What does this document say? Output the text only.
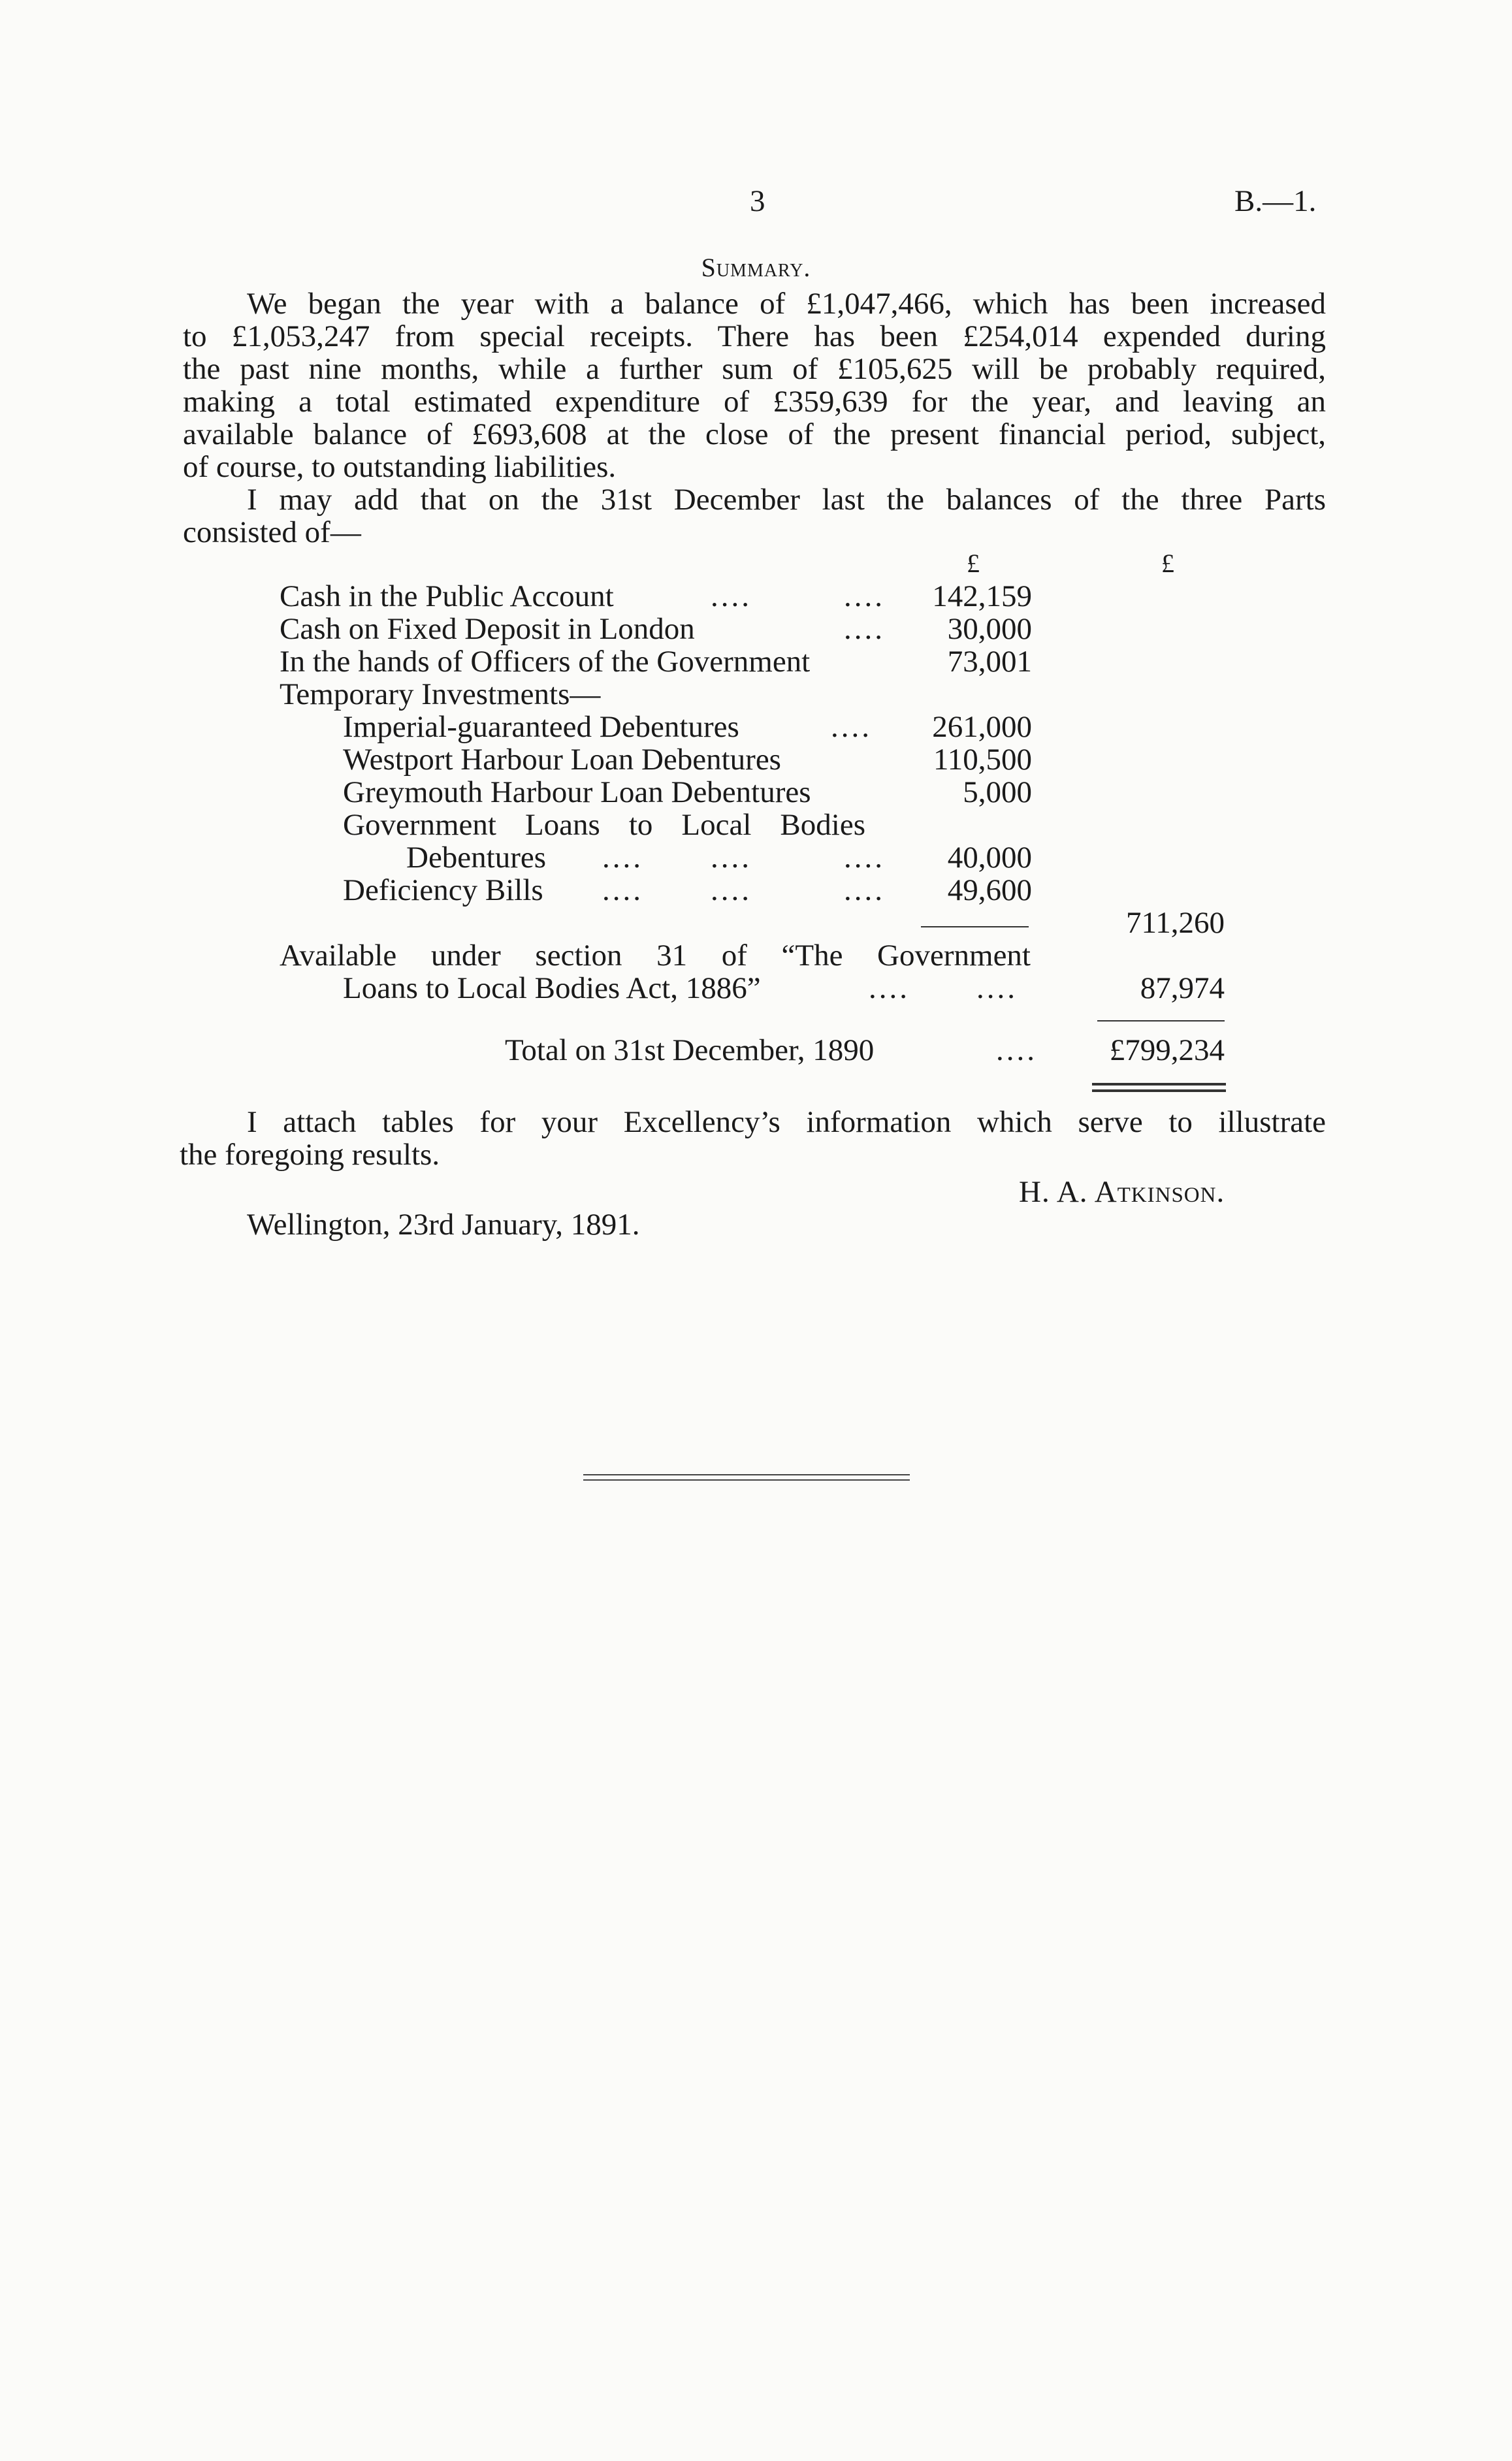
3	B.—1.
Summary.
We began the year with a balance of £1,047,466, which has been increased
to £1,053,247 from special receipts. There has been £254,014 expended during
the past nine months, while a further sum of £105,625 will be probably required,
making a total estimated expenditure of £359,639 for the year, and leaving an
available balance of £693,608 at the close of the present financial period, subject,
of course, to outstanding liabilities.
I may add that on the 31st December last the balances of the three Parts
consisted of—
£	£
Cash in the Public Account	....	....	142,159
Cash on Fixed Deposit in London	....	30,000
In the hands of Officers of the Government	73,001
Temporary Investments—
Imperial-guaranteed Debentures	....	261,000
Westport Harbour Loan Debentures	110,500
Greymouth Harbour Loan Debentures	5,000
Government Loans to Local Bodies
Debentures .... ....	....	40,000
Deficiency Bills .... ....	....	49,600
711,260
Available under section 31 of “The Government
Loans to Local Bodies Act, 1886”	.... ....	87,974
Total on 31st December, 1890	....	£799,234
I attach tables for your Excellency’s information which serve to illustrate
the foregoing results.
H. A. Atkinson.
Wellington, 23rd January, 1891.
